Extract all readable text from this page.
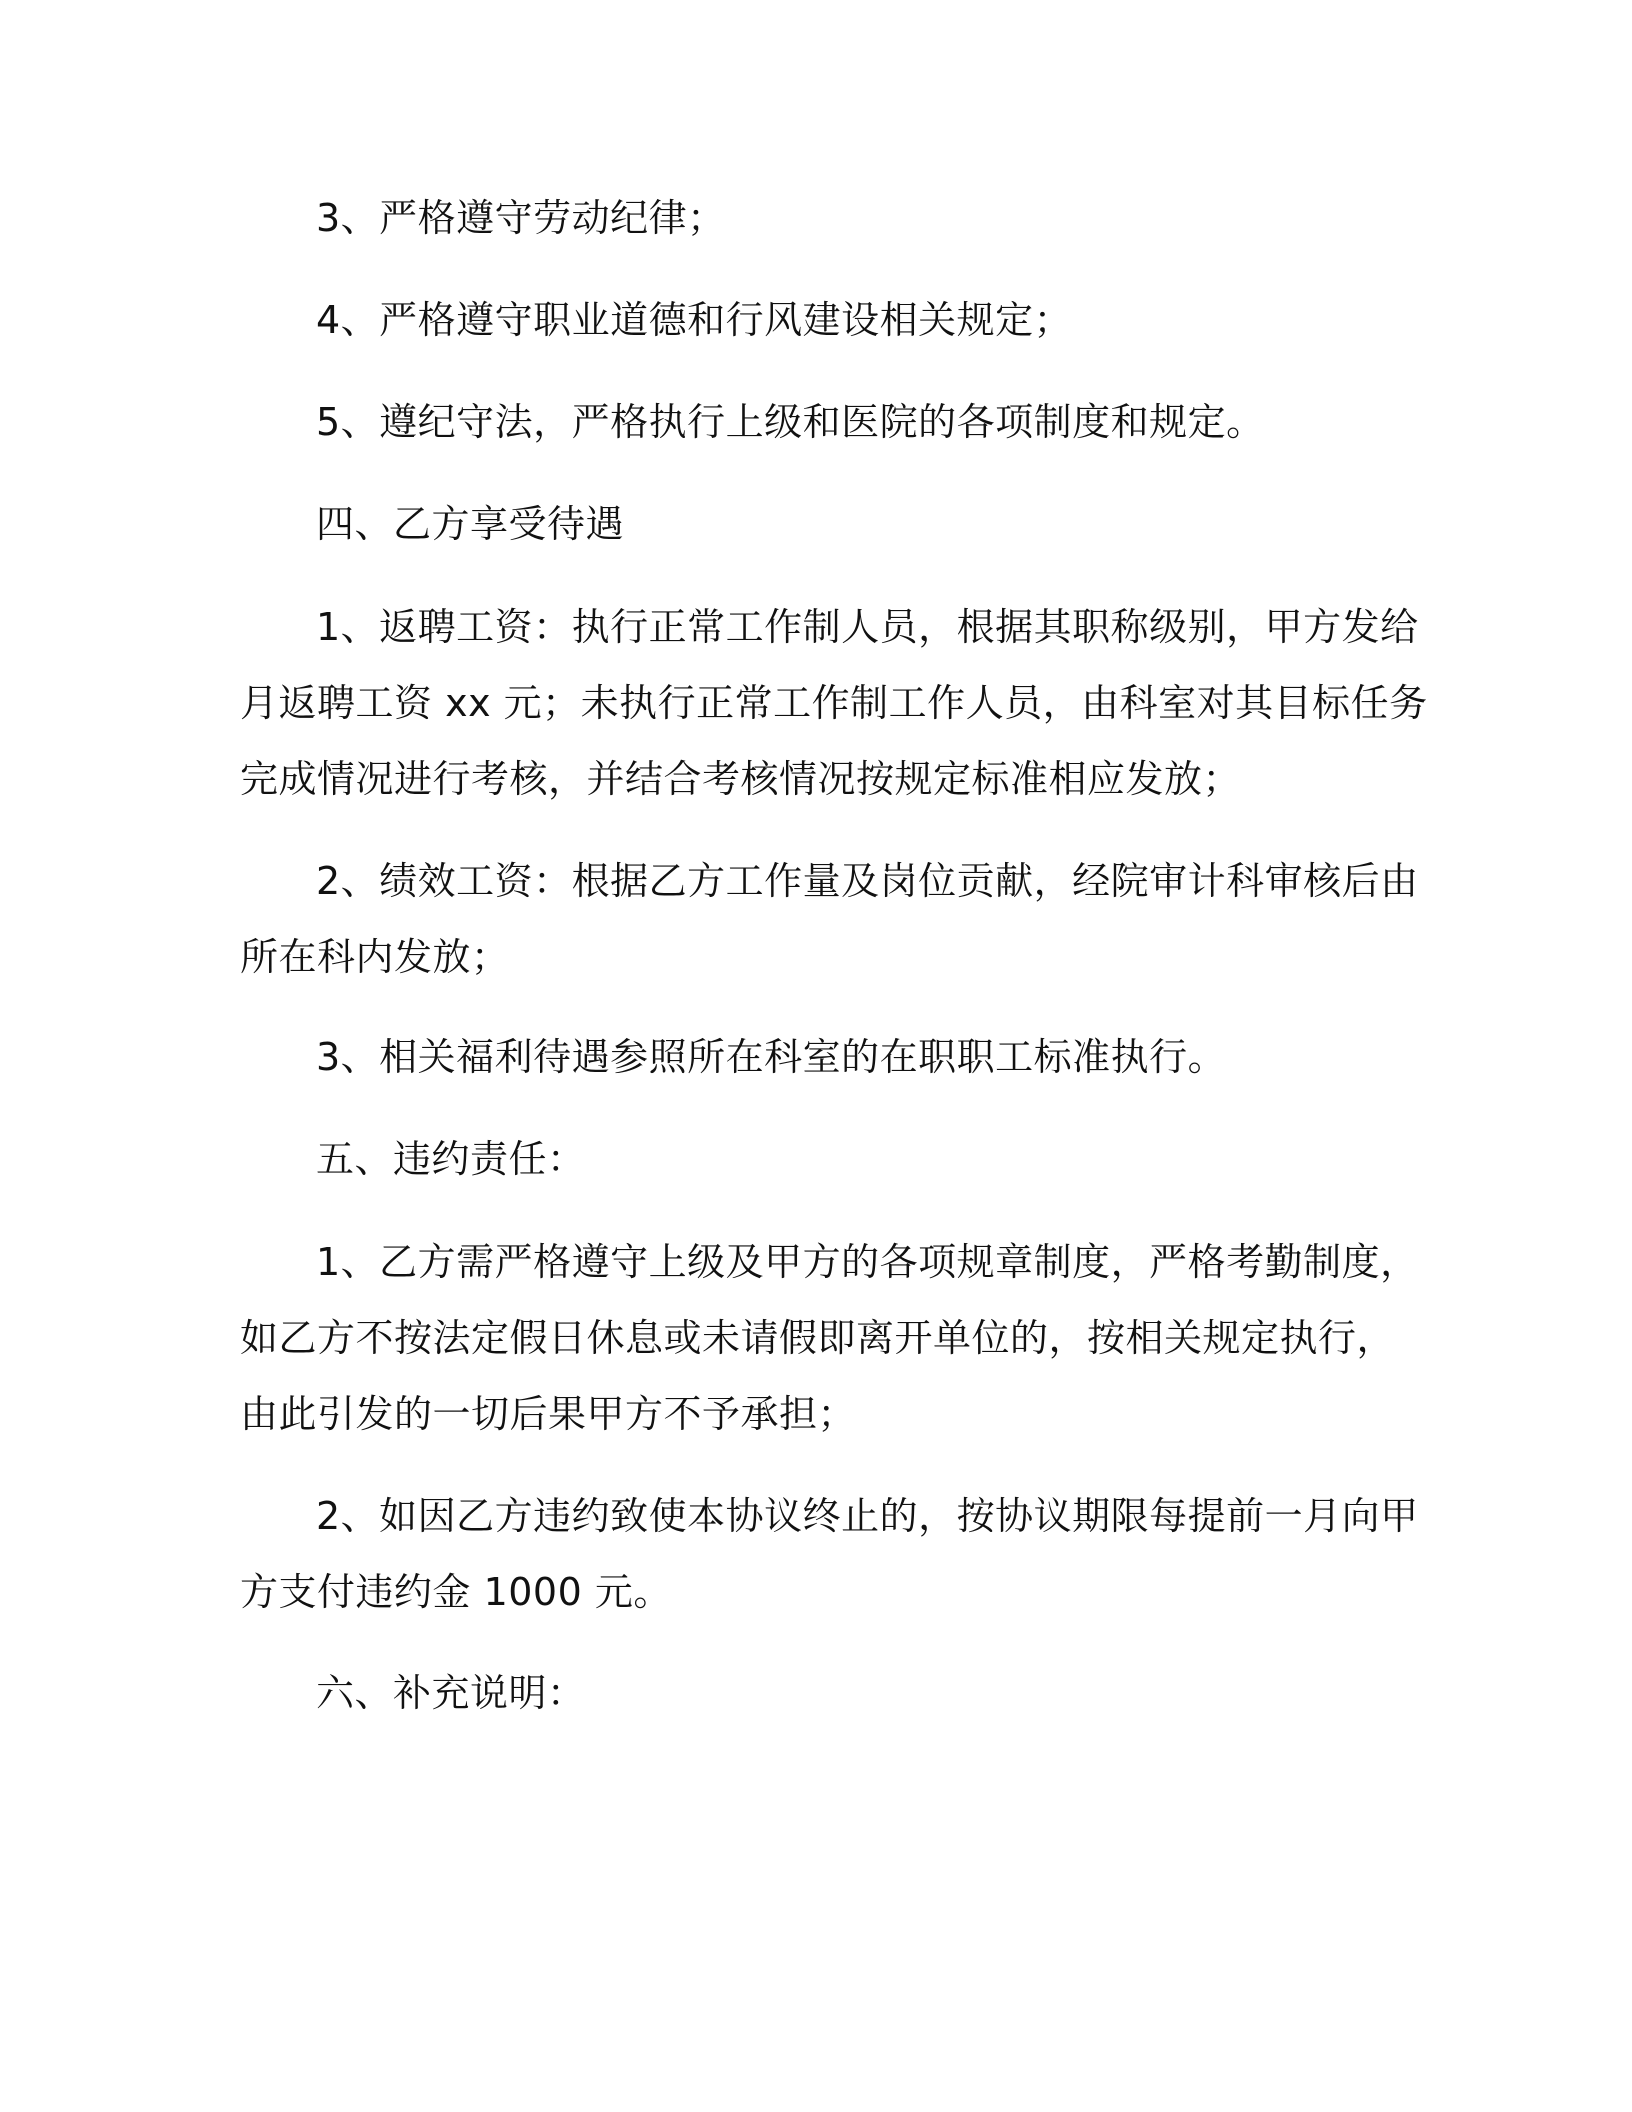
3、严格遵守劳动纪律；

4、严格遵守职业道德和行风建设相关规定；

5、遵纪守法，严格执行上级和医院的各项制度和规定。

四、乙方享受待遇

1、返聘工资：执行正常工作制人员，根据其职称级别，甲方发给
月返聘工资 xx 元；未执行正常工作制工作人员，由科室对其目标任务
完成情况进行考核，并结合考核情况按规定标准相应发放；

2、绩效工资：根据乙方工作量及岗位贡献，经院审计科审核后由
所在科内发放；

3、相关福利待遇参照所在科室的在职职工标准执行。

五、违约责任：

1、乙方需严格遵守上级及甲方的各项规章制度，严格考勤制度，
如乙方不按法定假日休息或未请假即离开单位的，按相关规定执行，
由此引发的一切后果甲方不予承担；

2、如因乙方违约致使本协议终止的，按协议期限每提前一月向甲
方支付违约金 1000 元。

六、补充说明：
